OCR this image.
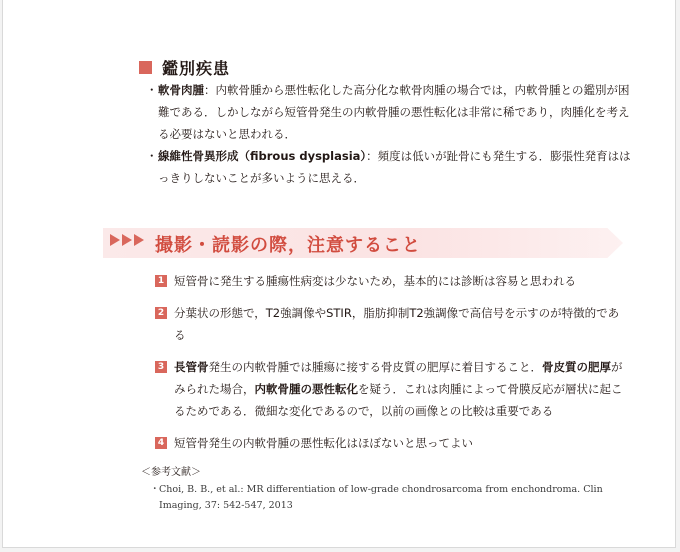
鑑別疾患
・ 軟骨肉腫：内軟骨腫から悪性転化した高分化な軟骨肉腫の場合では，内軟骨腫との鑑別が困難である．しかしながら短管骨発生の内軟骨腫の悪性転化は非常に稀であり，肉腫化を考える必要はないと思われる．
・ 線維性骨異形成（fibrous dysplasia）：頻度は低いが趾骨にも発生する．膨張性発育ははっきりしないことが多いように思える．
撮影・読影の際，注意すること
1 短管骨に発生する腫瘍性病変は少ないため，基本的には診断は容易と思われる
2 分葉状の形態で，T2強調像やSTIR，脂肪抑制T2強調像で高信号を示すのが特徴的である
3 長管骨発生の内軟骨腫では腫瘍に接する骨皮質の肥厚に着目すること．骨皮質の肥厚がみられた場合，内軟骨腫の悪性転化を疑う．これは肉腫によって骨膜反応が層状に起こるためである．微細な変化であるので，以前の画像との比較は重要である
4 短管骨発生の内軟骨腫の悪性転化はほぼないと思ってよい
＜参考文献＞
・ Choi, B. B., et al.: MR differentiation of low-grade chondrosarcoma from enchondroma. Clin Imaging, 37: 542-547, 2013
